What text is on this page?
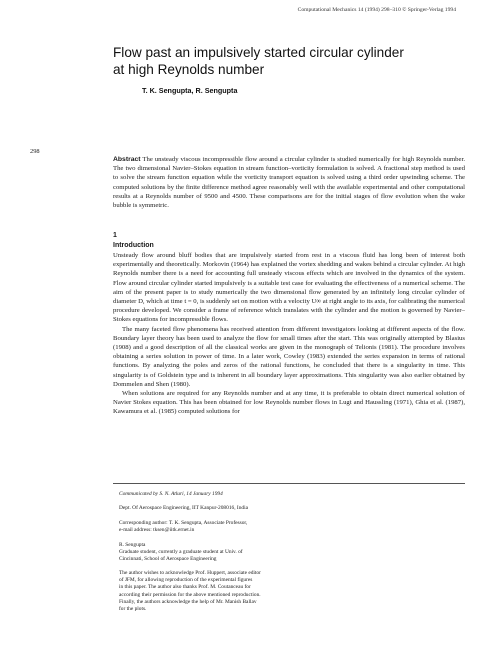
Computational Mechanics 14 (1994) 298–310 © Springer-Verlag 1994
Flow past an impulsively started circular cylinder
at high Reynolds number
T. K. Sengupta, R. Sengupta
298
Abstract The unsteady viscous incompressible flow around a circular cylinder is studied numerically for high Reynolds number. The two dimensional Navier–Stokes equation in stream function–vorticity formulation is solved. A fractional step method is used to solve the stream function equation while the vorticity transport equation is solved using a third order upwinding scheme. The computed solutions by the finite difference method agree reasonably well with the available experimental and other computational results at a Reynolds number of 9500 and 4500. These comparisons are for the initial stages of flow evolution when the wake bubble is symmetric.
1
Introduction

Unsteady flow around bluff bodies that are impulsively started from rest in a viscous fluid has long been of interest both experimentally and theoretically. Morkovin (1964) has explained the vortex shedding and wakes behind a circular cylinder. At high Reynolds number there is a need for accounting full unsteady viscous effects which are involved in the dynamics of the system. Flow around circular cylinder started impulsively is a suitable test case for evaluating the effectiveness of a numerical scheme. The aim of the present paper is to study numerically the two dimensional flow generated by an infinitely long circular cylinder of diameter D, which at time t = 0, is suddenly set on motion with a velocity U∞ at right angle to its axis, for calibrating the numerical procedure developed. We consider a frame of reference which translates with the cylinder and the motion is governed by Navier–Stokes equations for incompressible flows.

The many faceted flow phenomena has received attention from different investigators looking at different aspects of the flow. Boundary layer theory has been used to analyze the flow for small times after the start. This was originally attempted by Blasius (1908) and a good description of all the classical works are given in the monograph of Telionis (1981). The procedure involves obtaining a series solution in power of time. In a later work, Cowley (1983) extended the series expansion in terms of rational functions. By analyzing the poles and zeros of the rational functions, he concluded that there is a singularity in time. This singularity is of Goldstein type and is inherent in all boundary layer approximations. This singularity was also earlier obtained by Dommelen and Shen (1980).

When solutions are required for any Reynolds number and at any time, it is preferable to obtain direct numerical solution of Navier Stokes equation. This has been obtained for low Reynolds number flows in Lugt and Haussling (1971), Ghia et al. (1987), Kawamura et al. (1985) computed solutions for

Communicated by S. N. Atluri, 14 January 1994
Dept. Of Aerospace Engineering, IIT Kanpur-208016, India
Corresponding author: T. K. Sengupta, Associate Professor,
e-mail address: tksen@iitk.ernet.in
R. Sengupta
Graduate student, currently a graduate student at Univ. of
Cincinnati, School of Aerospace Engineering
The author wishes to acknowledge Prof. Huppert, associate editor
of JFM, for allowing reproduction of the experimental figures
in this paper. The author also thanks Prof. M. Coutanceau for
according their permission for the above mentioned reproduction.
Finally, the authors acknowledge the help of Mr. Manish Ballav
for the plots.
